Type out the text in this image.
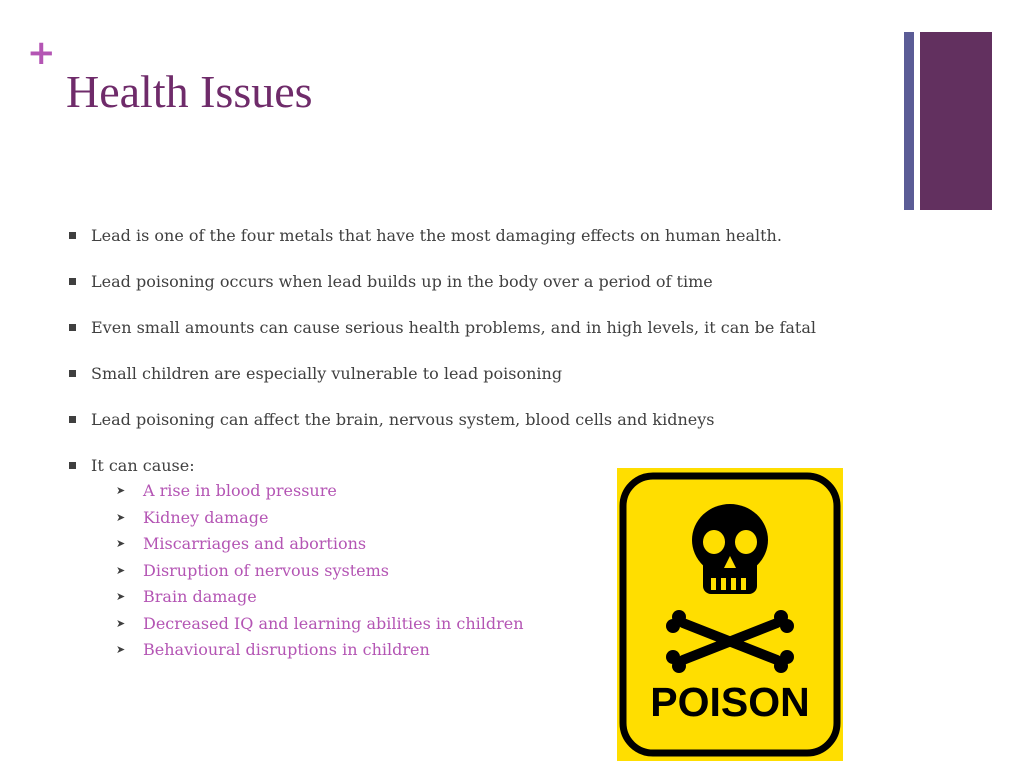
+
Health Issues
Lead is one of the four metals that have the most damaging effects on human health.
Lead poisoning occurs when lead builds up in the body over a period of time
Even small amounts can cause serious health problems, and in high levels, it can be fatal
Small children are especially vulnerable to lead poisoning
Lead poisoning can affect the brain, nervous system, blood cells and kidneys
It can cause:
➤ A rise in blood pressure
➤ Kidney damage
➤ Miscarriages and abortions
➤ Disruption of nervous systems
➤ Brain damage
➤ Decreased IQ and learning abilities in children
➤ Behavioural disruptions in children
POISON
